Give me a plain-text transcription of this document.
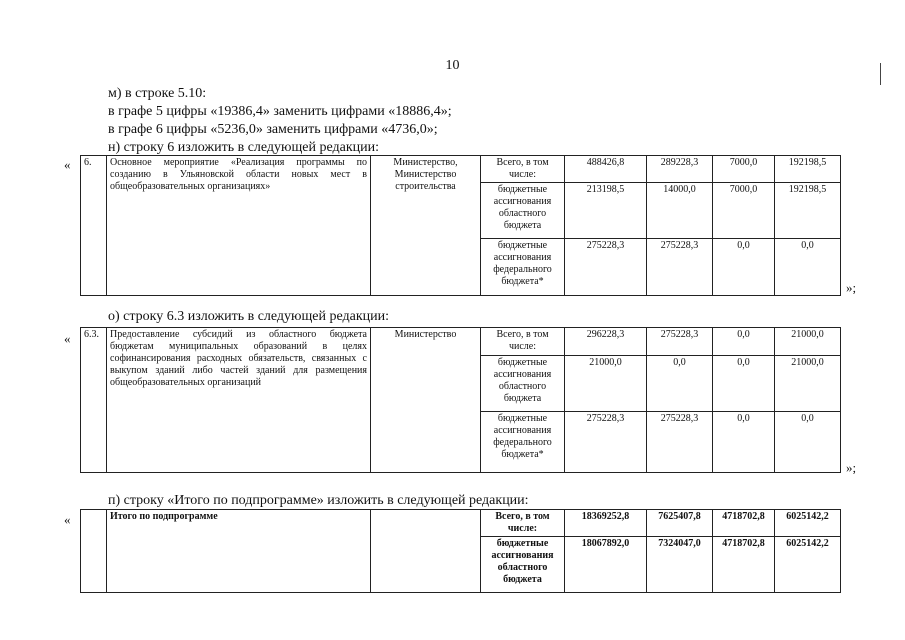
10
м) в строке 5.10:
в графе 5 цифры «19386,4» заменить цифрами «18886,4»;
в графе 6 цифры «5236,0» заменить цифрами «4736,0»;
н) строку 6 изложить в следующей редакции:
« 6.	Основное мероприятие «Реализация программы по созданию в Ульяновской области новых мест в общеобразовательных организациях»	Министерство, Министерство строительства	Всего, в том числе:	488426,8	289228,3	7000,0	192198,5
			бюджетные ассигнования областного бюджета	213198,5	14000,0	7000,0	192198,5
			бюджетные ассигнования федерального бюджета*	275228,3	275228,3	0,0	0,0
»;
о) строку 6.3 изложить в следующей редакции:
« 6.3.	Предоставление субсидий из областного бюджета бюджетам муниципальных образований в целях софинансирования расходных обязательств, связанных с выкупом зданий либо частей зданий для размещения общеобразовательных организаций	Министерство	Всего, в том числе:	296228,3	275228,3	0,0	21000,0
			бюджетные ассигнования областного бюджета	21000,0	0,0	0,0	21000,0
			бюджетные ассигнования федерального бюджета*	275228,3	275228,3	0,0	0,0
»;
п) строку «Итого по подпрограмме» изложить в следующей редакции:
«
		Итого по подпрограмме		Всего, в том числе:	18369252,8	7625407,8	4718702,8	6025142,2
			бюджетные ассигнования областного бюджета	18067892,0	7324047,0	4718702,8	6025142,2
